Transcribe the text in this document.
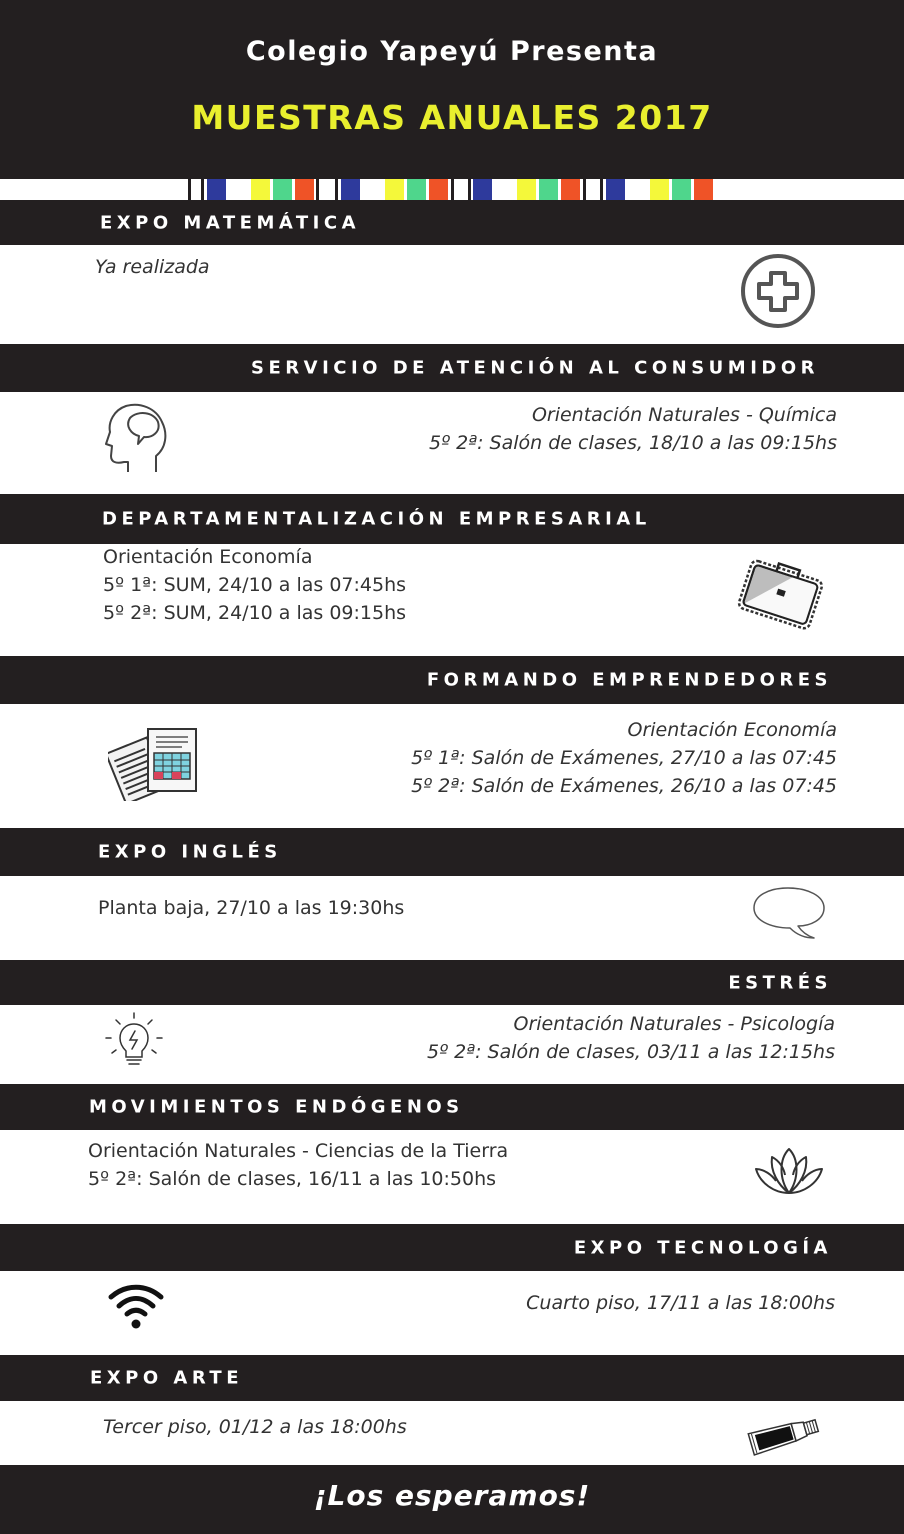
Colegio Yapeyú Presenta
MUESTRAS ANUALES 2017
EXPO MATEMÁTICA
Ya realizada
SERVICIO DE ATENCIÓN AL CONSUMIDOR
Orientación Naturales - Química
5º 2ª: Salón de clases, 18/10 a las 09:15hs
DEPARTAMENTALIZACIÓN EMPRESARIAL
Orientación Economía
5º 1ª: SUM, 24/10 a las 07:45hs
5º 2ª: SUM, 24/10 a las 09:15hs
FORMANDO EMPRENDEDORES
Orientación Economía
5º 1ª: Salón de Exámenes, 27/10 a las 07:45
5º 2ª: Salón de Exámenes, 26/10 a las 07:45
EXPO INGLÉS
Planta baja, 27/10 a las 19:30hs
ESTRÉS
Orientación Naturales - Psicología
5º 2ª: Salón de clases, 03/11 a las 12:15hs
MOVIMIENTOS ENDÓGENOS
Orientación Naturales - Ciencias de la Tierra
5º 2ª: Salón de clases, 16/11 a las 10:50hs
EXPO TECNOLOGÍA
Cuarto piso, 17/11 a las 18:00hs
EXPO ARTE
Tercer piso, 01/12 a las 18:00hs
¡Los esperamos!
